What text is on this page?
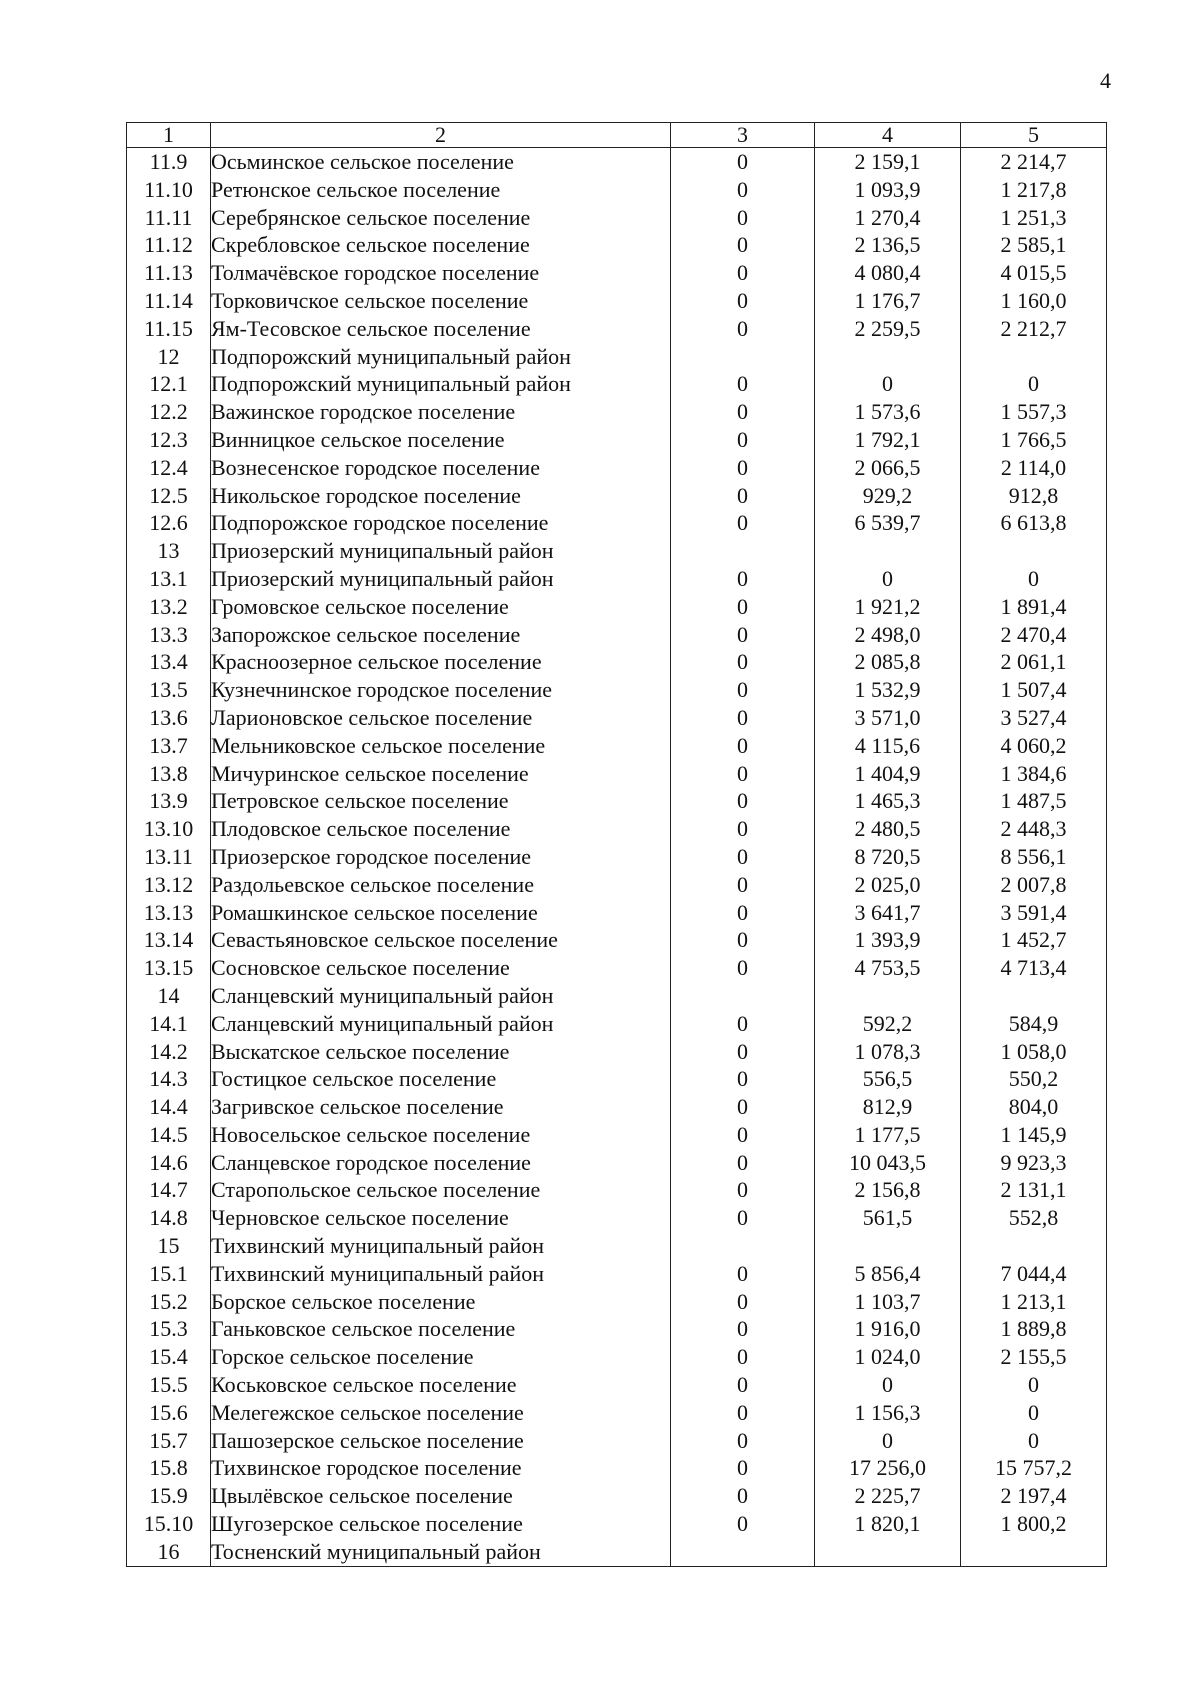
4
1	2	3	4	5
11.9	Осьминское сельское поселение	0	2 159,1	2 214,7
11.10	Ретюнское сельское поселение	0	1 093,9	1 217,8
11.11	Серебрянское сельское поселение	0	1 270,4	1 251,3
11.12	Скребловское сельское поселение	0	2 136,5	2 585,1
11.13	Толмачёвское городское поселение	0	4 080,4	4 015,5
11.14	Торковичское сельское поселение	0	1 176,7	1 160,0
11.15	Ям-Тесовское сельское поселение	0	2 259,5	2 212,7
12	Подпорожский муниципальный район			
12.1	Подпорожский муниципальный район	0	0	0
12.2	Важинское городское поселение	0	1 573,6	1 557,3
12.3	Винницкое сельское поселение	0	1 792,1	1 766,5
12.4	Вознесенское городское поселение	0	2 066,5	2 114,0
12.5	Никольское городское поселение	0	929,2	912,8
12.6	Подпорожское городское поселение	0	6 539,7	6 613,8
13	Приозерский муниципальный район			
13.1	Приозерский муниципальный район	0	0	0
13.2	Громовское сельское поселение	0	1 921,2	1 891,4
13.3	Запорожское сельское поселение	0	2 498,0	2 470,4
13.4	Красноозерное сельское поселение	0	2 085,8	2 061,1
13.5	Кузнечнинское городское поселение	0	1 532,9	1 507,4
13.6	Ларионовское сельское поселение	0	3 571,0	3 527,4
13.7	Мельниковское сельское поселение	0	4 115,6	4 060,2
13.8	Мичуринское сельское поселение	0	1 404,9	1 384,6
13.9	Петровское сельское поселение	0	1 465,3	1 487,5
13.10	Плодовское сельское поселение	0	2 480,5	2 448,3
13.11	Приозерское городское поселение	0	8 720,5	8 556,1
13.12	Раздольевское сельское поселение	0	2 025,0	2 007,8
13.13	Ромашкинское сельское поселение	0	3 641,7	3 591,4
13.14	Севастьяновское сельское поселение	0	1 393,9	1 452,7
13.15	Сосновское сельское поселение	0	4 753,5	4 713,4
14	Сланцевский муниципальный район			
14.1	Сланцевский муниципальный район	0	592,2	584,9
14.2	Выскатское сельское поселение	0	1 078,3	1 058,0
14.3	Гостицкое сельское поселение	0	556,5	550,2
14.4	Загривское сельское поселение	0	812,9	804,0
14.5	Новосельское сельское поселение	0	1 177,5	1 145,9
14.6	Сланцевское городское поселение	0	10 043,5	9 923,3
14.7	Старопольское сельское поселение	0	2 156,8	2 131,1
14.8	Черновское сельское поселение	0	561,5	552,8
15	Тихвинский муниципальный район			
15.1	Тихвинский муниципальный район	0	5 856,4	7 044,4
15.2	Борское сельское поселение	0	1 103,7	1 213,1
15.3	Ганьковское сельское поселение	0	1 916,0	1 889,8
15.4	Горское сельское поселение	0	1 024,0	2 155,5
15.5	Коськовское сельское поселение	0	0	0
15.6	Мелегежское сельское поселение	0	1 156,3	0
15.7	Пашозерское сельское поселение	0	0	0
15.8	Тихвинское городское поселение	0	17 256,0	15 757,2
15.9	Цвылёвское сельское поселение	0	2 225,7	2 197,4
15.10	Шугозерское сельское поселение	0	1 820,1	1 800,2
16	Тосненский муниципальный район			
